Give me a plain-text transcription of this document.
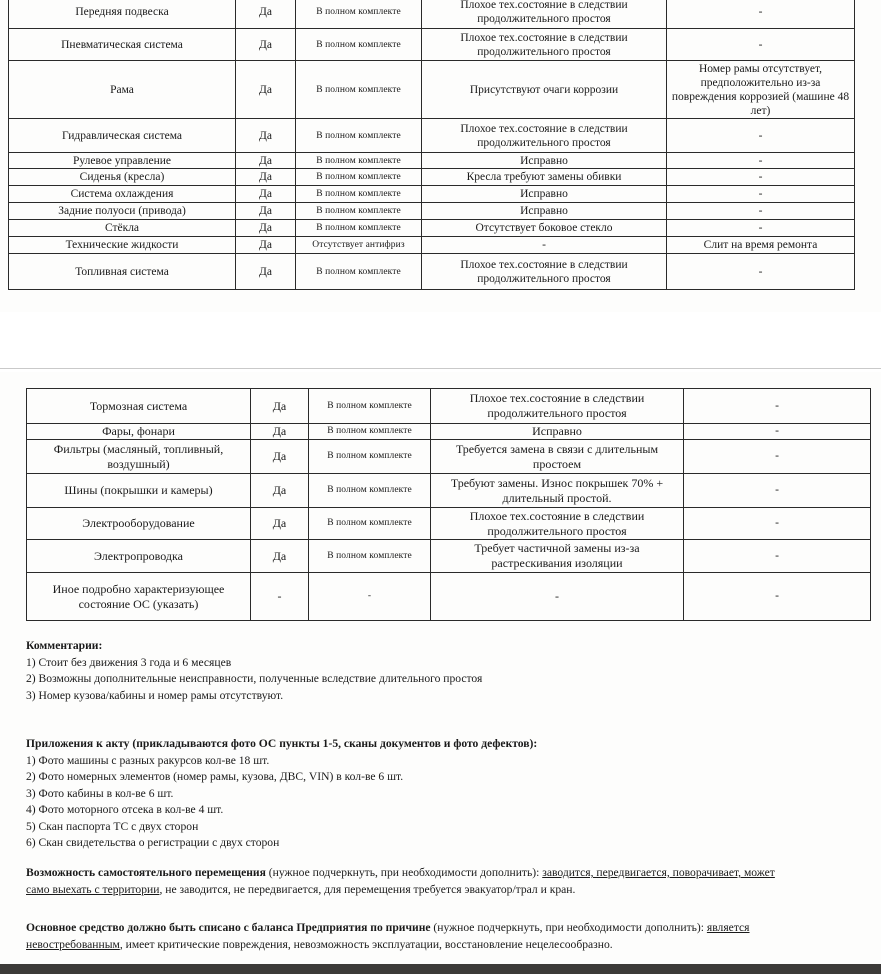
Передняя подвеска	Да	В полном комплекте	Плохое тех.состояние в следствии продолжительного простоя	-
Пневматическая система	Да	В полном комплекте	Плохое тех.состояние в следствии продолжительного простоя	-
Рама	Да	В полном комплекте	Присутствуют очаги коррозии	Номер рамы отсутствует, предположительно из-за повреждения коррозией (машине 48 лет)
Гидравлическая система	Да	В полном комплекте	Плохое тех.состояние в следствии продолжительного простоя	-
Рулевое управление	Да	В полном комплекте	Исправно	-
Сиденья (кресла)	Да	В полном комплекте	Кресла требуют замены обивки	-
Система охлаждения	Да	В полном комплекте	Исправно	-
Задние полуоси (привода)	Да	В полном комплекте	Исправно	-
Стёкла	Да	В полном комплекте	Отсутствует боковое стекло	-
Технические жидкости	Да	Отсутствует антифриз	-	Слит на время ремонта
Топливная система	Да	В полном комплекте	Плохое тех.состояние в следствии продолжительного простоя	-
Тормозная система	Да	В полном комплекте	Плохое тех.состояние в следствии продолжительного простоя	-
Фары, фонари	Да	В полном комплекте	Исправно	-
Фильтры (масляный, топливный, воздушный)	Да	В полном комплекте	Требуется замена в связи с длительным простоем	-
Шины (покрышки и камеры)	Да	В полном комплекте	Требуют замены. Износ покрышек 70% + длительный простой.	-
Электрооборудование	Да	В полном комплекте	Плохое тех.состояние в следствии продолжительного простоя	-
Электропроводка	Да	В полном комплекте	Требует частичной замены из-за растрескивания изоляции	-
Иное подробно характеризующее состояние ОС (указать)	-	-	-	-
Комментарии:
1) Стоит без движения 3 года и 6 месяцев
2) Возможны дополнительные неисправности, полученные вследствие длительного простоя
3) Номер кузова/кабины и номер рамы отсутствуют.
Приложения к акту (прикладываются фото ОС пункты 1-5, сканы документов и фото дефектов):
1) Фото машины с разных ракурсов кол-ве 18 шт.
2) Фото номерных элементов (номер рамы, кузова, ДВС, VIN) в кол-ве 6 шт.
3) Фото кабины в кол-ве 6 шт.
4) Фото моторного отсека в кол-ве 4 шт.
5) Скан паспорта ТС с двух сторон
6) Скан свидетельства о регистрации с двух сторон
Возможность самостоятельного перемещения (нужное подчеркнуть, при необходимости дополнить): заводится, передвигается, поворачивает, может
само выехать с территории, не заводится, не передвигается, для перемещения требуется эвакуатор/трал и кран.
Основное средство должно быть списано с баланса Предприятия по причине (нужное подчеркнуть, при необходимости дополнить): является
невостребованным, имеет критические повреждения, невозможность эксплуатации, восстановление нецелесообразно.
